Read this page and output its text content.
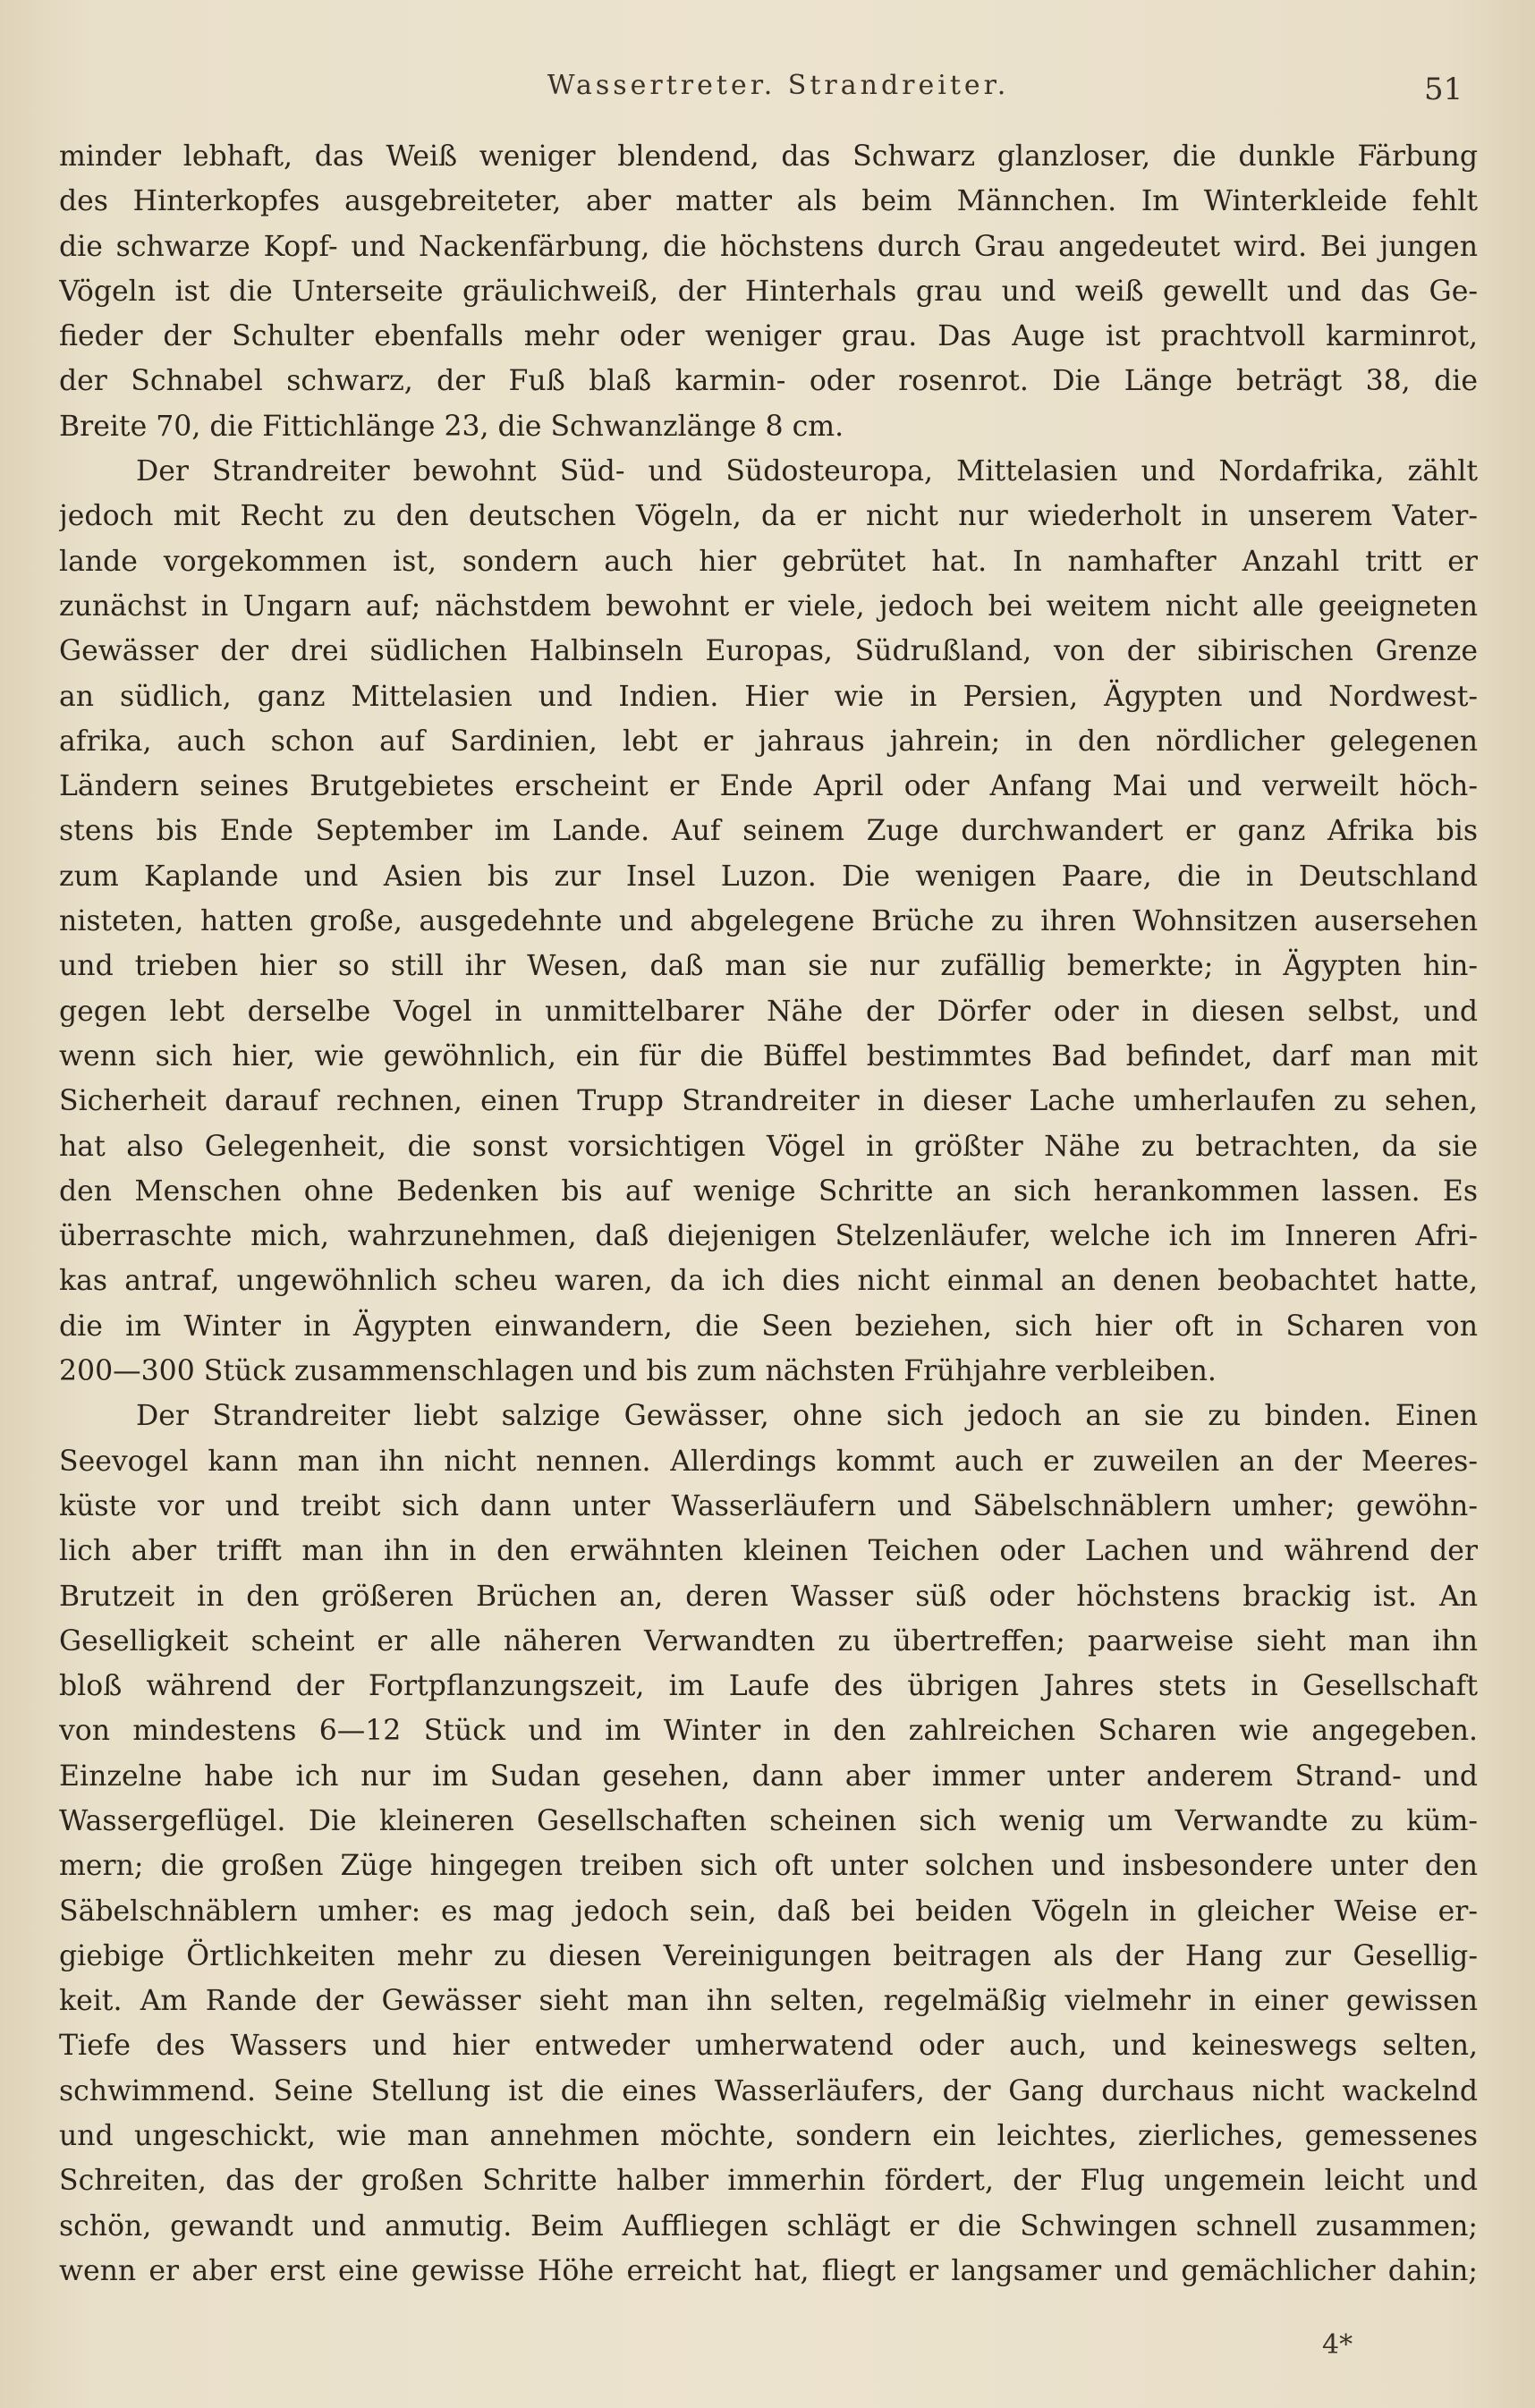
Wassertreter. Strandreiter.	51
minder lebhaft, das Weiß weniger blendend, das Schwarz glanzloser, die dunkle Färbung
des Hinterkopfes ausgebreiteter, aber matter als beim Männchen. Im Winterkleide fehlt
die schwarze Kopf- und Nackenfärbung, die höchstens durch Grau angedeutet wird. Bei jungen
Vögeln ist die Unterseite gräulichweiß, der Hinterhals grau und weiß gewellt und das Ge-
fieder der Schulter ebenfalls mehr oder weniger grau. Das Auge ist prachtvoll karminrot,
der Schnabel schwarz, der Fuß blaß karmin- oder rosenrot. Die Länge beträgt 38, die
Breite 70, die Fittichlänge 23, die Schwanzlänge 8 cm.
Der Strandreiter bewohnt Süd- und Südosteuropa, Mittelasien und Nordafrika, zählt
jedoch mit Recht zu den deutschen Vögeln, da er nicht nur wiederholt in unserem Vater-
lande vorgekommen ist, sondern auch hier gebrütet hat. In namhafter Anzahl tritt er
zunächst in Ungarn auf; nächstdem bewohnt er viele, jedoch bei weitem nicht alle geeigneten
Gewässer der drei südlichen Halbinseln Europas, Südrußland, von der sibirischen Grenze
an südlich, ganz Mittelasien und Indien. Hier wie in Persien, Ägypten und Nordwest-
afrika, auch schon auf Sardinien, lebt er jahraus jahrein; in den nördlicher gelegenen
Ländern seines Brutgebietes erscheint er Ende April oder Anfang Mai und verweilt höch-
stens bis Ende September im Lande. Auf seinem Zuge durchwandert er ganz Afrika bis
zum Kaplande und Asien bis zur Insel Luzon. Die wenigen Paare, die in Deutschland
nisteten, hatten große, ausgedehnte und abgelegene Brüche zu ihren Wohnsitzen ausersehen
und trieben hier so still ihr Wesen, daß man sie nur zufällig bemerkte; in Ägypten hin-
gegen lebt derselbe Vogel in unmittelbarer Nähe der Dörfer oder in diesen selbst, und
wenn sich hier, wie gewöhnlich, ein für die Büffel bestimmtes Bad befindet, darf man mit
Sicherheit darauf rechnen, einen Trupp Strandreiter in dieser Lache umherlaufen zu sehen,
hat also Gelegenheit, die sonst vorsichtigen Vögel in größter Nähe zu betrachten, da sie
den Menschen ohne Bedenken bis auf wenige Schritte an sich herankommen lassen. Es
überraschte mich, wahrzunehmen, daß diejenigen Stelzenläufer, welche ich im Inneren Afri-
kas antraf, ungewöhnlich scheu waren, da ich dies nicht einmal an denen beobachtet hatte,
die im Winter in Ägypten einwandern, die Seen beziehen, sich hier oft in Scharen von
200—300 Stück zusammenschlagen und bis zum nächsten Frühjahre verbleiben.
Der Strandreiter liebt salzige Gewässer, ohne sich jedoch an sie zu binden. Einen
Seevogel kann man ihn nicht nennen. Allerdings kommt auch er zuweilen an der Meeres-
küste vor und treibt sich dann unter Wasserläufern und Säbelschnäblern umher; gewöhn-
lich aber trifft man ihn in den erwähnten kleinen Teichen oder Lachen und während der
Brutzeit in den größeren Brüchen an, deren Wasser süß oder höchstens brackig ist. An
Geselligkeit scheint er alle näheren Verwandten zu übertreffen; paarweise sieht man ihn
bloß während der Fortpflanzungszeit, im Laufe des übrigen Jahres stets in Gesellschaft
von mindestens 6—12 Stück und im Winter in den zahlreichen Scharen wie angegeben.
Einzelne habe ich nur im Sudan gesehen, dann aber immer unter anderem Strand- und
Wassergeflügel. Die kleineren Gesellschaften scheinen sich wenig um Verwandte zu küm-
mern; die großen Züge hingegen treiben sich oft unter solchen und insbesondere unter den
Säbelschnäblern umher: es mag jedoch sein, daß bei beiden Vögeln in gleicher Weise er-
giebige Örtlichkeiten mehr zu diesen Vereinigungen beitragen als der Hang zur Gesellig-
keit. Am Rande der Gewässer sieht man ihn selten, regelmäßig vielmehr in einer gewissen
Tiefe des Wassers und hier entweder umherwatend oder auch, und keineswegs selten,
schwimmend. Seine Stellung ist die eines Wasserläufers, der Gang durchaus nicht wackelnd
und ungeschickt, wie man annehmen möchte, sondern ein leichtes, zierliches, gemessenes
Schreiten, das der großen Schritte halber immerhin fördert, der Flug ungemein leicht und
schön, gewandt und anmutig. Beim Auffliegen schlägt er die Schwingen schnell zusammen;
wenn er aber erst eine gewisse Höhe erreicht hat, fliegt er langsamer und gemächlicher dahin;
4*
